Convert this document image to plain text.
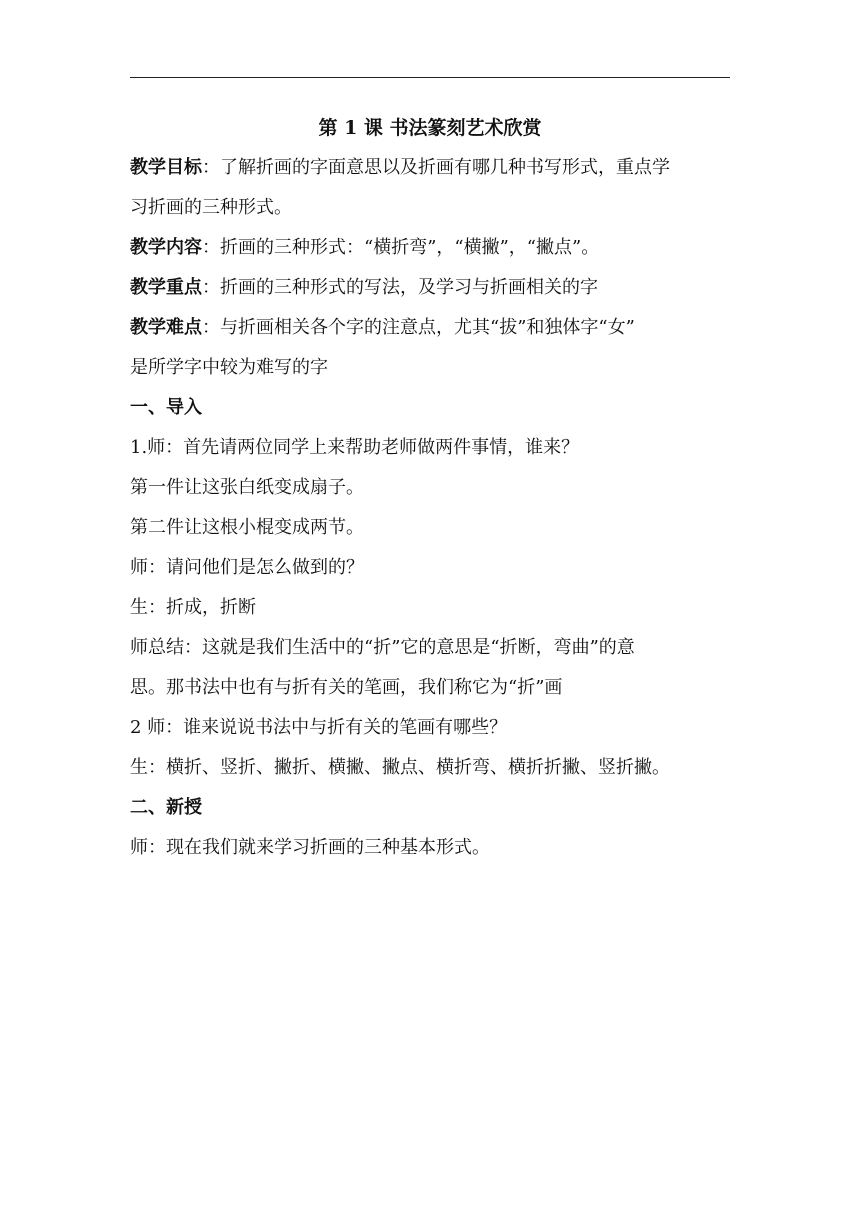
第 1 课 书法篆刻艺术欣赏

教学目标：了解折画的字面意思以及折画有哪几种书写形式，重点学
习折画的三种形式。
教学内容：折画的三种形式：“横折弯”，“横撇”，“撇点”。
教学重点：折画的三种形式的写法，及学习与折画相关的字
教学难点：与折画相关各个字的注意点，尤其“拔”和独体字“女”
是所学字中较为难写的字
一、导入
1.师：首先请两位同学上来帮助老师做两件事情，谁来？
第一件让这张白纸变成扇子。
第二件让这根小棍变成两节。
师：请问他们是怎么做到的？
生：折成，折断
师总结：这就是我们生活中的“折”它的意思是“折断，弯曲”的意
思。那书法中也有与折有关的笔画，我们称它为“折”画
2 师：谁来说说书法中与折有关的笔画有哪些？
生：横折、竖折、撇折、横撇、撇点、横折弯、横折折撇、竖折撇。
二、新授
师：现在我们就来学习折画的三种基本形式。
